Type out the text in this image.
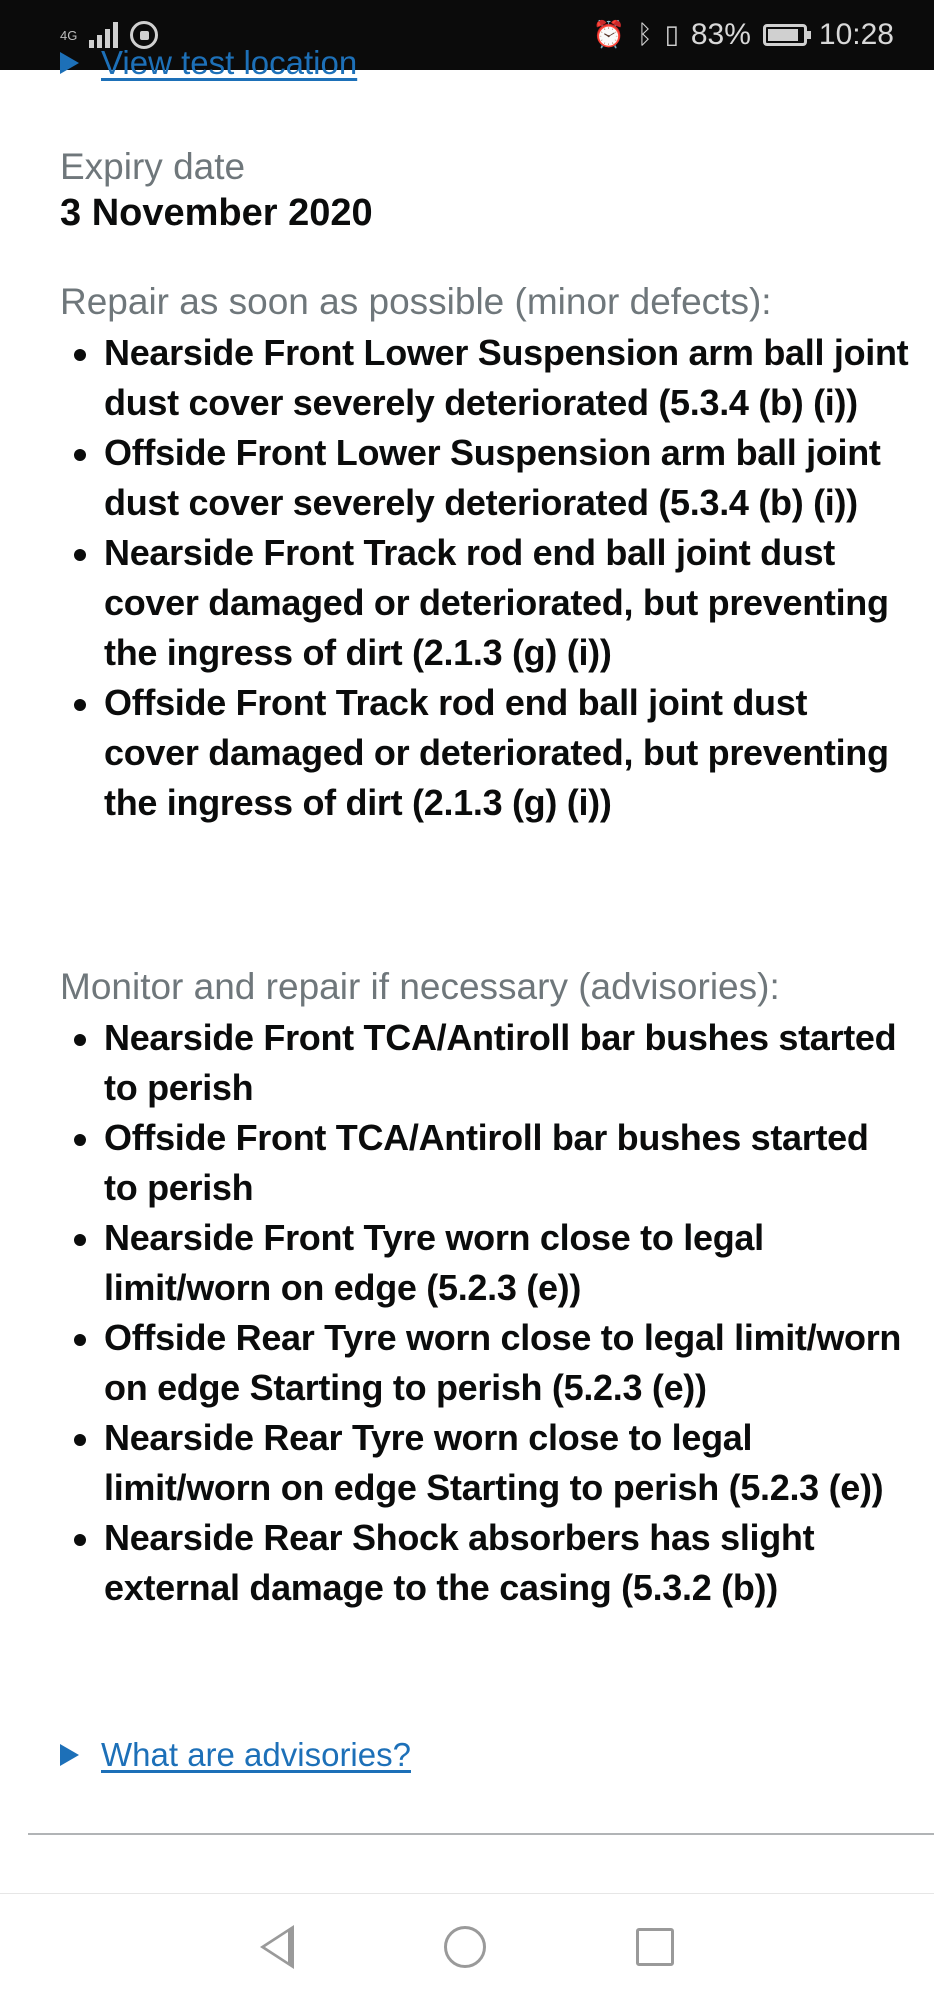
4G	⏰ ᛒ ▯ 83% 10:28
View test location
Expiry date
3 November 2020
Repair as soon as possible (minor defects):
Nearside Front Lower Suspension arm ball joint dust cover severely deteriorated (5.3.4 (b) (i))
Offside Front Lower Suspension arm ball joint dust cover severely deteriorated (5.3.4 (b) (i))
Nearside Front Track rod end ball joint dust cover damaged or deteriorated, but preventing the ingress of dirt (2.1.3 (g) (i))
Offside Front Track rod end ball joint dust cover damaged or deteriorated, but preventing the ingress of dirt (2.1.3 (g) (i))
Monitor and repair if necessary (advisories):
Nearside Front TCA/Antiroll bar bushes started to perish
Offside Front TCA/Antiroll bar bushes started to perish
Nearside Front Tyre worn close to legal limit/worn on edge (5.2.3 (e))
Offside Rear Tyre worn close to legal limit/worn on edge Starting to perish (5.2.3 (e))
Nearside Rear Tyre worn close to legal limit/worn on edge Starting to perish (5.2.3 (e))
Nearside Rear Shock absorbers has slight external damage to the casing (5.3.2 (b))
What are advisories?
